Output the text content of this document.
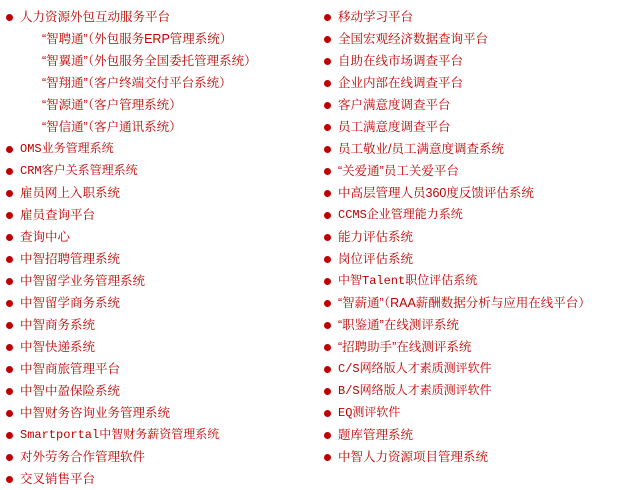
人力资源外包互动服务平台
“智聘通”（外包服务ERP管理系统）
“智翼通”（外包服务全国委托管理系统）
“智翔通”（客户终端交付平台系统）
“智源通”（客户管理系统）
“智信通”（客户通讯系统）
OMS业务管理系统
CRM客户关系管理系统
雇员网上入职系统
雇员查询平台
查询中心
中智招聘管理系统
中智留学业务管理系统
中智留学商务系统
中智商务系统
中智快递系统
中智商旅管理平台
中智中盈保险系统
中智财务咨询业务管理系统
Smartportal中智财务薪资管理系统
对外劳务合作管理软件
交叉销售平台
移动学习平台
全国宏观经济数据查询平台
自助在线市场调查平台
企业内部在线调查平台
客户满意度调查平台
员工满意度调查平台
员工敬业/员工满意度调查系统
“关爱通”员工关爱平台
中高层管理人员360度反馈评估系统
CCMS企业管理能力系统
能力评估系统
岗位评估系统
中智Talent职位评估系统
“智薪通”（RAA薪酬数据分析与应用在线平台）
“职鉴通”在线测评系统
“招聘助手”在线测评系统
C/S网络版人才素质测评软件
B/S网络版人才素质测评软件
EQ测评软件
题库管理系统
中智人力资源项目管理系统
